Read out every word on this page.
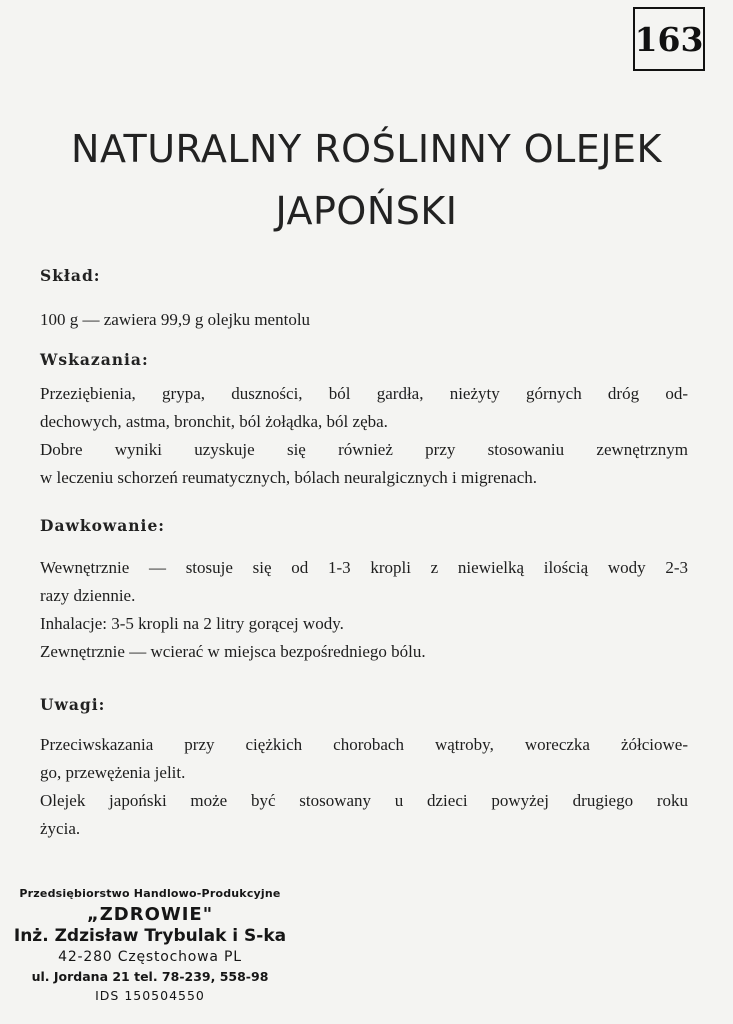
163
NATURALNY ROŚLINNY OLEJEK
JAPOŃSKI
Skład:
100 g — zawiera 99,9 g olejku mentolu
Wskazania:
Przeziębienia, grypa, duszności, ból gardła, nieżyty górnych dróg od-
dechowych, astma, bronchit, ból żołądka, ból zęba.
Dobre wyniki uzyskuje się również przy stosowaniu zewnętrznym
w leczeniu schorzeń reumatycznych, bólach neuralgicznych i migrenach.
Dawkowanie:
Wewnętrznie — stosuje się od 1-3 kropli z niewielką ilością wody 2-3
razy dziennie.
Inhalacje: 3-5 kropli na 2 litry gorącej wody.
Zewnętrznie — wcierać w miejsca bezpośredniego bólu.
Uwagi:
Przeciwskazania przy ciężkich chorobach wątroby, woreczka żółciowe-
go, przewężenia jelit.
Olejek japoński może być stosowany u dzieci powyżej drugiego roku
życia.
Przedsiębiorstwo Handlowo-Produkcyjne
„ZDROWIE"
Inż. Zdzisław Trybulak i S-ka
42-280 Częstochowa PL
ul. Jordana 21 tel. 78-239, 558-98
IDS 150504550
